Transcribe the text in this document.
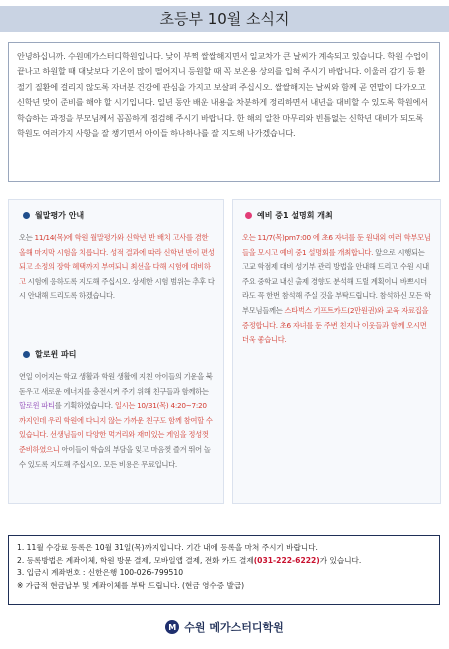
초등부 10월 소식지

안녕하십니까. 수원메가스터디학원입니다. 낮이 부쩍 쌀쌀해지면서 일교차가 큰 날씨가 계속되고 있습니다. 학원 수업이 끝나고 하원할 때 대낮보다 기온이 많이 떨어지니 등원할 때 꼭 보온용 상의를 입혀 주시기 바랍니다. 이울러 감기 등 환절기 질환에 걸리지 않도록 자녀분 건강에 관심을 가지고 보살펴 주십시오. 쌀쌀해지는 날씨와 함께 곧 연말이 다가오고 신학년 맞이 준비를 해야 할 시기입니다. 일년 동안 배운 내용을 차분하게 정리하면서 내년을 대비할 수 있도록 학원에서 학습하는 과정을 부모님께서 꼼꼼하게 점검해 주시기 바랍니다. 한 해의 알찬 마무리와 빈틈없는 신학년 대비가 되도록 학원도 여러가지 사항을 잘 챙기면서 아이들 하나하나를 잘 지도해 나가겠습니다.

월말평가 안내
오는 11/14(목)에 학원 월말평가와 신학년 반 배치 고사를 겸한 올해 마지막 시험을 치릅니다. 성적 결과에 따라 신학년 반이 편성되고 소정의 장학 혜택까지 부여되니 최선을 다해 시험에 대비하고 시험에 응하도록 지도해 주십시오. 상세한 시험 범위는 추후 다시 안내해 드리도록 하겠습니다.
할로윈 파티
연일 이어지는 학교 생활과 학원 생활에 지친 아이들의 기운을 북돋우고 새로운 에너지를 충전시켜 주기 위해 친구들과 함께하는 할로윈 파티를 기획하였습니다. 일시는 10/31(목) 4:20~7:20 까지인데 우리 학원에 다니지 않는 가까운 친구도 함께 참여할 수 있습니다. 선생님들이 다양한 먹거리와 재미있는 게임을 정성껏 준비하였으니 아이들이 학습의 부담을 잊고 마음껏 즐겨 뛰어 놀 수 있도록 지도해 주십시오. 모든 비용은 무료입니다.
예비 중1 설명회 개최
오는 11/7(목)pm7:00 에 초6 자녀를 둔 원내외 여러 학부모님들을 모시고 예비 중1 설명회를 개최합니다. 앞으로 시행되는 고교 학점제 대비 성기부 관리 방법을 안내해 드리고 수원 시내 주요 중학교 내신 출제 경향도 분석해 드릴 계획이니 바쁘시더라도 꼭 한번 참석해 주실 것을 부탁드립니다. 참석하신 모든 학부모님들께는 스타벅스 기프트카드(2만원권)와 교육 자료집을 증정합니다. 초6 자녀를 둔 주변 친지나 이웃들과 함께 오시면 더욱 좋습니다.
1. 11월 수강료 등록은 10월 31일(목)까지입니다. 기간 내에 등록을 마쳐 주시기 바랍니다.
2. 등록방법은 계좌이체, 학원 방문 결제, 모바일앱 결제, 전화 카드 결제(031-222-6222)가 있습니다.
3. 입금시 계좌번호 : 신한은행 100-026-799510
※ 가급적 현금납부 및 계좌이체를 부탁 드립니다. (현금 영수증 발급)
M 수원 메가스터디학원
